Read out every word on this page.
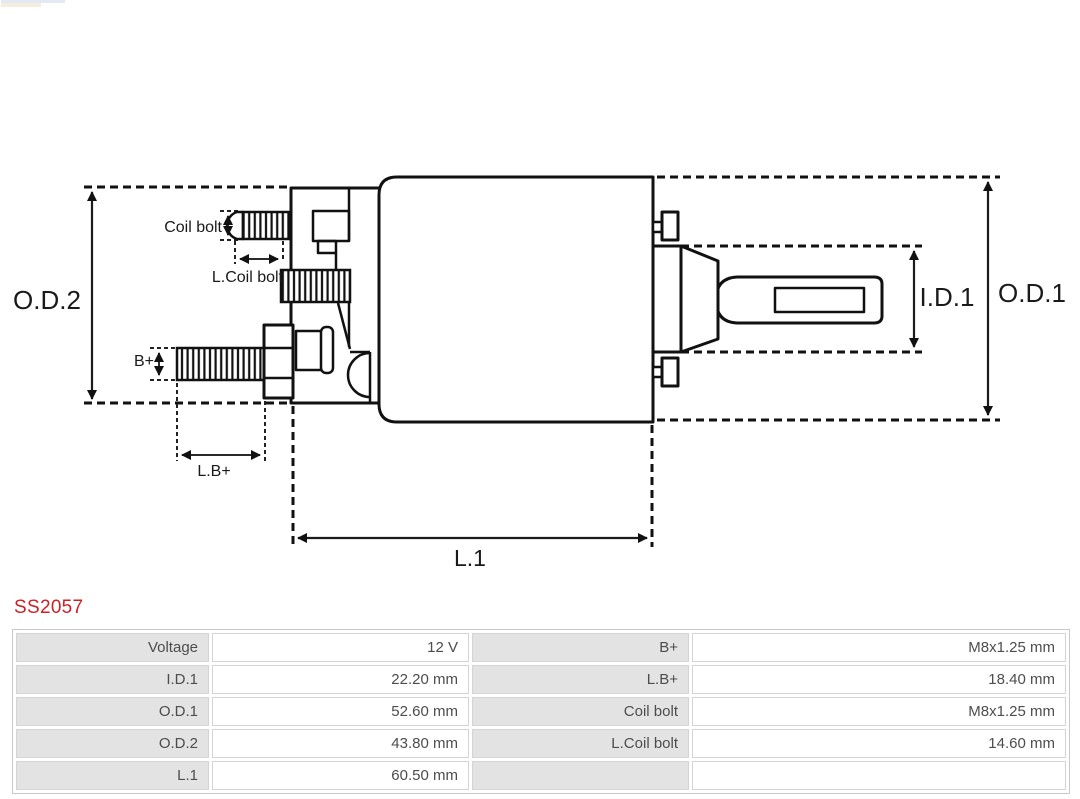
O.D.2	O.D.1
I.D.1
Coil bolt
L.Coil bolt
B+
L.B+
L.1
SS2057
Voltage	12 V	B+	M8x1.25 mm
I.D.1	22.20 mm	L.B+	18.40 mm
O.D.1	52.60 mm	Coil bolt	M8x1.25 mm
O.D.2	43.80 mm	L.Coil bolt	14.60 mm
L.1	60.50 mm		
